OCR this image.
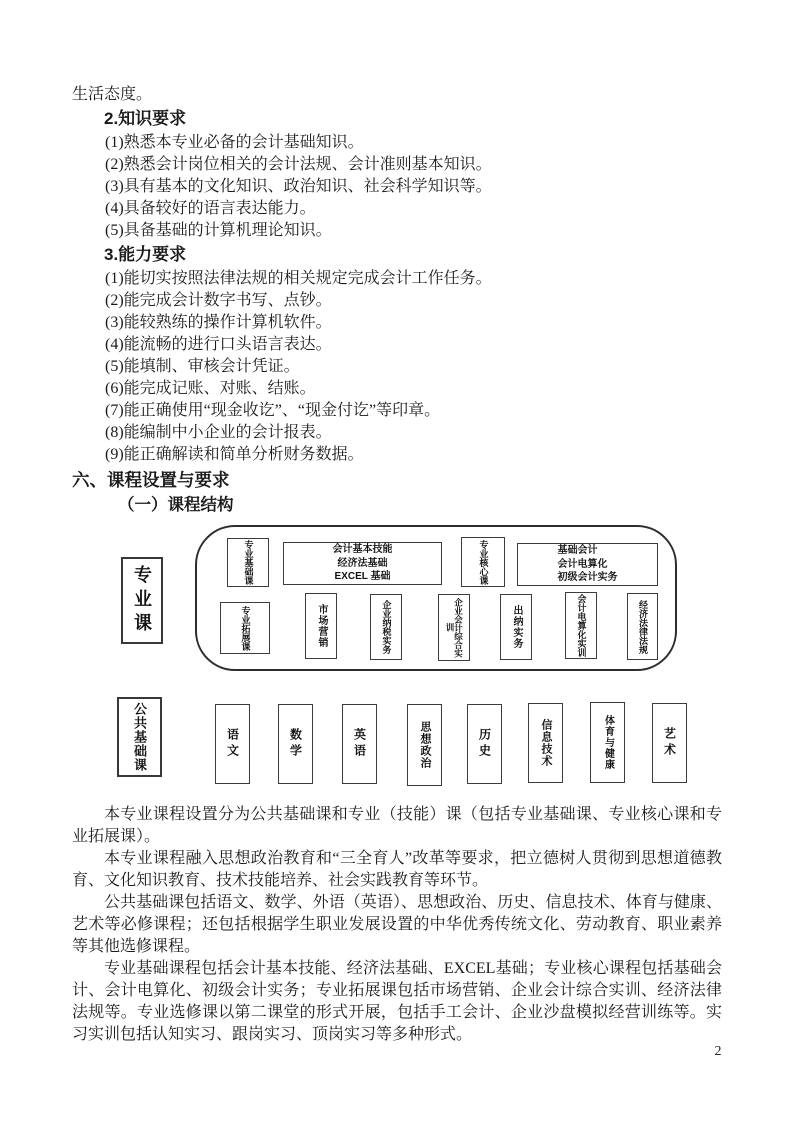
生活态度。

2.知识要求
(1)熟悉本专业必备的会计基础知识。
(2)熟悉会计岗位相关的会计法规、会计准则基本知识。
(3)具有基本的文化知识、政治知识、社会科学知识等。
(4)具备较好的语言表达能力。
(5)具备基础的计算机理论知识。
3.能力要求
(1)能切实按照法律法规的相关规定完成会计工作任务。
(2)能完成会计数字书写、点钞。
(3)能较熟练的操作计算机软件。
(4)能流畅的进行口头语言表达。
(5)能填制、审核会计凭证。
(6)能完成记账、对账、结账。
(7)能正确使用“现金收讫”、“现金付讫”等印章。
(8)能编制中小企业的会计报表。
(9)能正确解读和简单分析财务数据。
六、课程设置与要求
（一）课程结构
专业课
公共基础课
专业基础课	会计基本技能
经济法基础
EXCEL 基础	专业核心课	基础会计
会计电算化
初级会计实务
专业拓展课	市场营销	企业纳税实务	企业会计综合实训	出纳实务	会计电算化实训	经济法律法规
语文	数学	英语	思想政治	历史	信息技术	体育与健康	艺术

本专业课程设置分为公共基础课和专业（技能）课（包括专业基础课、专业核心课和专业拓展课）。

本专业课程融入思想政治教育和“三全育人”改革等要求，把立德树人贯彻到思想道德教育、文化知识教育、技术技能培养、社会实践教育等环节。

公共基础课包括语文、数学、外语（英语）、思想政治、历史、信息技术、体育与健康、艺术等必修课程；还包括根据学生职业发展设置的中华优秀传统文化、劳动教育、职业素养等其他选修课程。

专业基础课程包括会计基本技能、经济法基础、EXCEL基础；专业核心课程包括基础会计、会计电算化、初级会计实务；专业拓展课包括市场营销、企业会计综合实训、经济法律法规等。专业选修课以第二课堂的形式开展，包括手工会计、企业沙盘模拟经营训练等。实习实训包括认知实习、跟岗实习、顶岗实习等多种形式。

2
